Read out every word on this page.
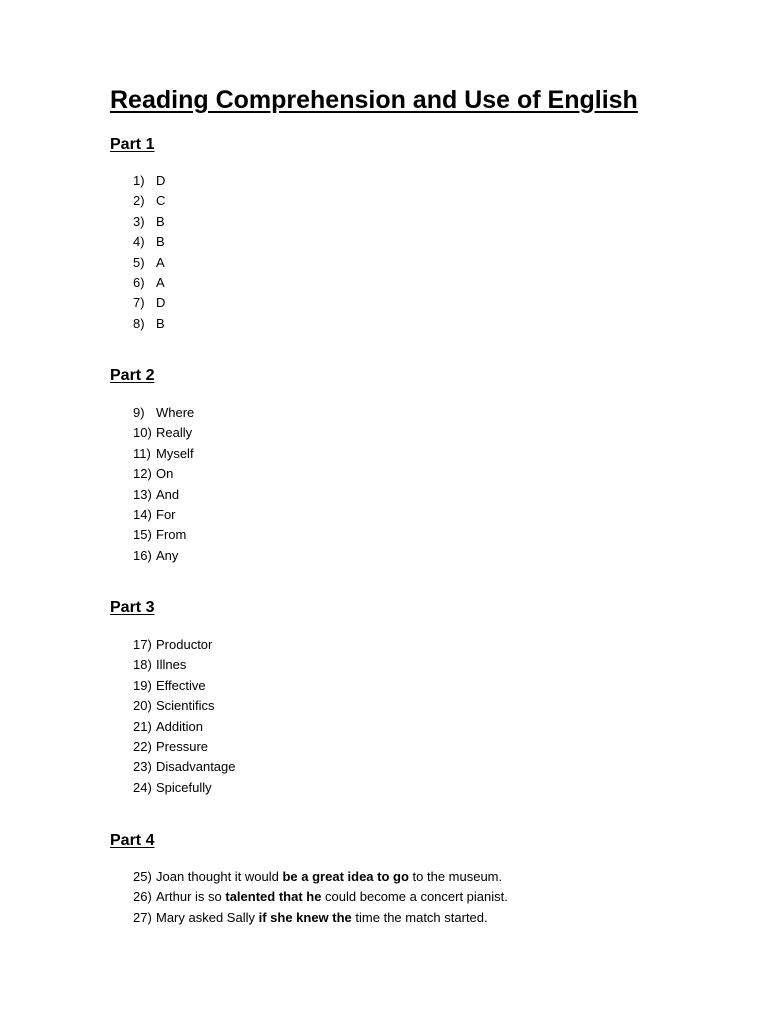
Reading Comprehension and Use of English
Part 1
1) D
2) C
3) B
4) B
5) A
6) A
7) D
8) B
Part 2
9) Where
10) Really
11) Myself
12) On
13) And
14) For
15) From
16) Any
Part 3
17) Productor
18) Illnes
19) Effective
20) Scientifics
21) Addition
22) Pressure
23) Disadvantage
24) Spicefully
Part 4
25) Joan thought it would be a great idea to go to the museum.
26) Arthur is so talented that he could become a concert pianist.
27) Mary asked Sally if she knew the time the match started.
